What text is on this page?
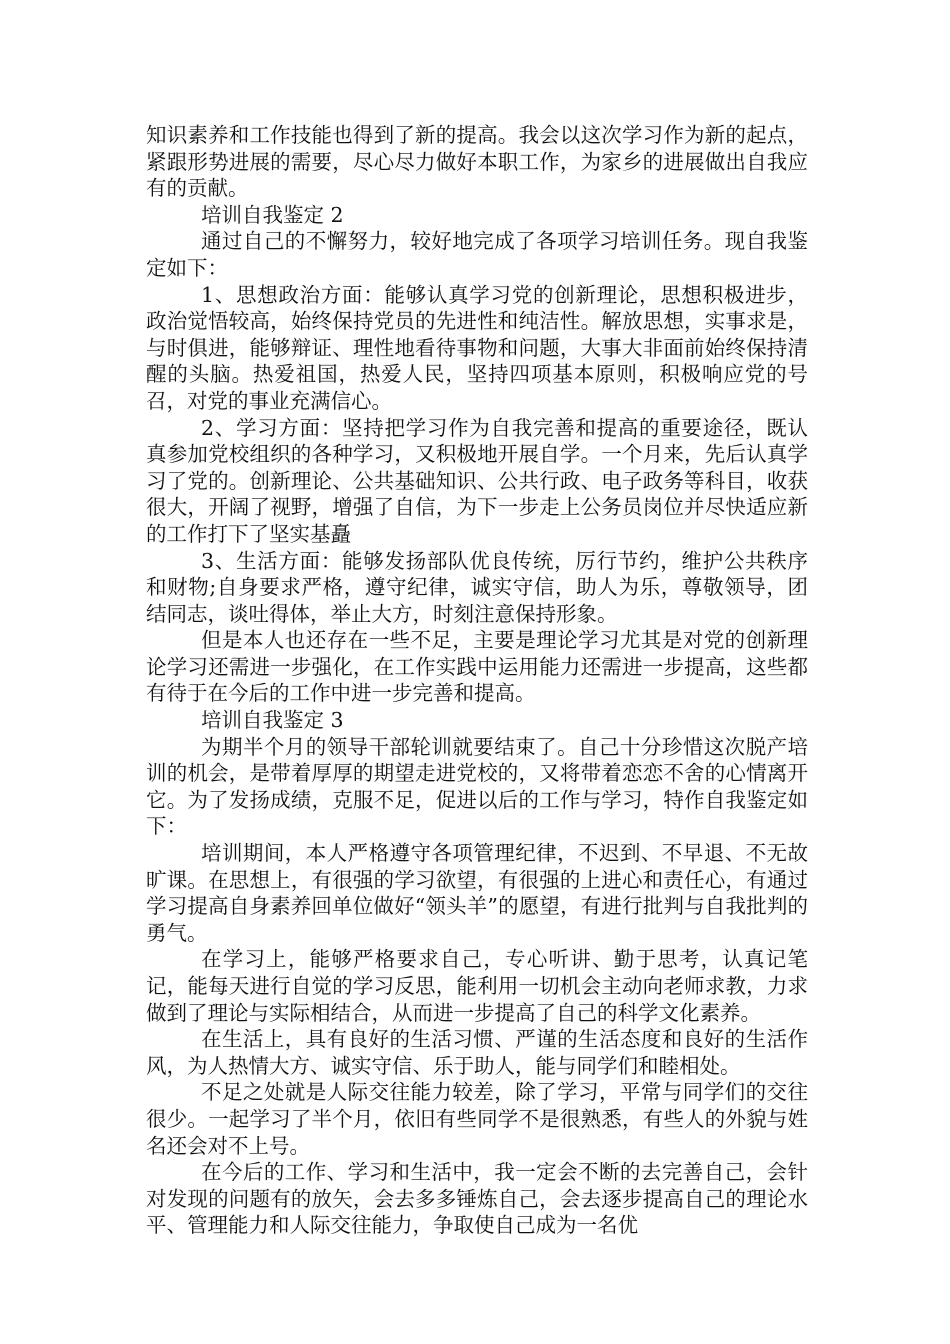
知识素养和工作技能也得到了新的提高。我会以这次学习作为新的起点，紧跟形势进展的需要，尽心尽力做好本职工作，为家乡的进展做出自我应有的贡献。

培训自我鉴定 2

通过自己的不懈努力，较好地完成了各项学习培训任务。现自我鉴定如下：

1、思想政治方面：能够认真学习党的创新理论，思想积极进步，政治觉悟较高，始终保持党员的先进性和纯洁性。解放思想，实事求是，与时俱进，能够辩证、理性地看待事物和问题，大事大非面前始终保持清醒的头脑。热爱祖国，热爱人民，坚持四项基本原则，积极响应党的号召，对党的事业充满信心。

2、学习方面：坚持把学习作为自我完善和提高的重要途径，既认真参加党校组织的各种学习，又积极地开展自学。一个月来，先后认真学习了党的。创新理论、公共基础知识、公共行政、电子政务等科目，收获很大，开阔了视野，增强了自信，为下一步走上公务员岗位并尽快适应新的工作打下了坚实基矗

3、生活方面：能够发扬部队优良传统，厉行节约，维护公共秩序和财物;自身要求严格，遵守纪律，诚实守信，助人为乐，尊敬领导，团结同志，谈吐得体，举止大方，时刻注意保持形象。

但是本人也还存在一些不足，主要是理论学习尤其是对党的创新理论学习还需进一步强化，在工作实践中运用能力还需进一步提高，这些都有待于在今后的工作中进一步完善和提高。

培训自我鉴定 3

为期半个月的领导干部轮训就要结束了。自己十分珍惜这次脱产培训的机会，是带着厚厚的期望走进党校的，又将带着恋恋不舍的心情离开它。为了发扬成绩，克服不足，促进以后的工作与学习，特作自我鉴定如下：

培训期间，本人严格遵守各项管理纪律，不迟到、不早退、不无故旷课。在思想上，有很强的学习欲望，有很强的上进心和责任心，有通过学习提高自身素养回单位做好“领头羊”的愿望，有进行批判与自我批判的勇气。

在学习上，能够严格要求自己，专心听讲、勤于思考，认真记笔记，能每天进行自觉的学习反思，能利用一切机会主动向老师求教，力求做到了理论与实际相结合，从而进一步提高了自己的科学文化素养。

在生活上，具有良好的生活习惯、严谨的生活态度和良好的生活作风，为人热情大方、诚实守信、乐于助人，能与同学们和睦相处。

不足之处就是人际交往能力较差，除了学习，平常与同学们的交往很少。一起学习了半个月，依旧有些同学不是很熟悉，有些人的外貌与姓名还会对不上号。

在今后的工作、学习和生活中，我一定会不断的去完善自己，会针对发现的问题有的放矢，会去多多锤炼自己，会去逐步提高自己的理论水平、管理能力和人际交往能力，争取使自己成为一名优
